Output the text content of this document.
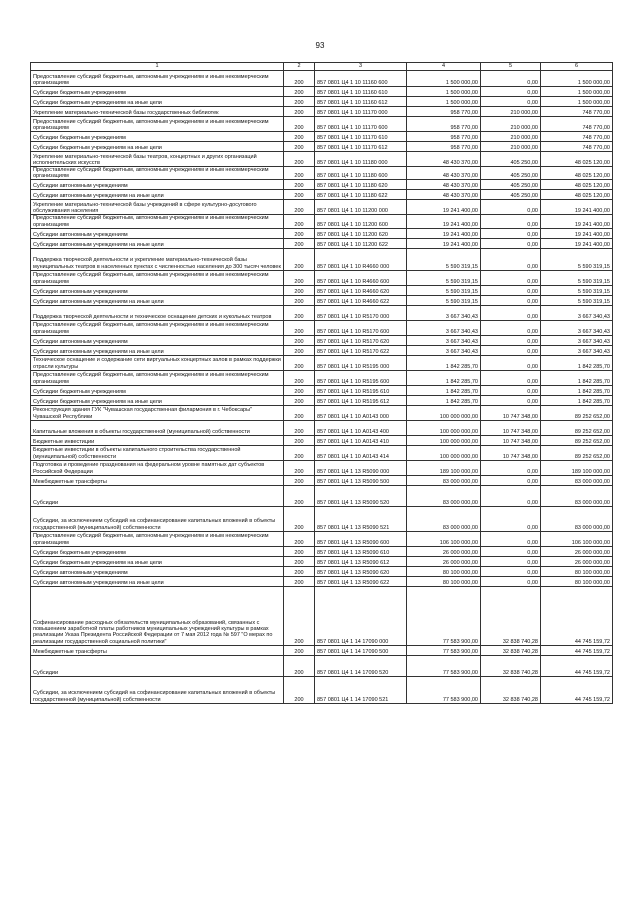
93
1	2	3	4	5	6
Предоставление субсидий бюджетным, автономным учреждениям и иным некоммерческим организациям	200	857 0801 Ц4 1 10 11160 600	1 500 000,00	0,00	1 500 000,00
Субсидии бюджетным учреждениям	200	857 0801 Ц4 1 10 11160 610	1 500 000,00	0,00	1 500 000,00
Субсидии бюджетным учреждениям на иные цели	200	857 0801 Ц4 1 10 11160 612	1 500 000,00	0,00	1 500 000,00
Укрепление материально-технической базы государственных библиотек	200	857 0801 Ц4 1 10 11170 000	958 770,00	210 000,00	748 770,00
Предоставление субсидий бюджетным, автономным учреждениям и иным некоммерческим организациям	200	857 0801 Ц4 1 10 11170 600	958 770,00	210 000,00	748 770,00
Субсидии бюджетным учреждениям	200	857 0801 Ц4 1 10 11170 610	958 770,00	210 000,00	748 770,00
Субсидии бюджетным учреждениям на иные цели	200	857 0801 Ц4 1 10 11170 612	958 770,00	210 000,00	748 770,00
Укрепление материально-технической базы театров, концертных и других организаций исполнительских искусств	200	857 0801 Ц4 1 10 11180 000	48 430 370,00	405 250,00	48 025 120,00
Предоставление субсидий бюджетным, автономным учреждениям и иным некоммерческим организациям	200	857 0801 Ц4 1 10 11180 600	48 430 370,00	405 250,00	48 025 120,00
Субсидии автономным учреждениям	200	857 0801 Ц4 1 10 11180 620	48 430 370,00	405 250,00	48 025 120,00
Субсидии автономным учреждениям на иные цели	200	857 0801 Ц4 1 10 11180 622	48 430 370,00	405 250,00	48 025 120,00
Укрепление материально-технической базы учреждений в сфере культурно-досугового обслуживания населения	200	857 0801 Ц4 1 10 11200 000	19 241 400,00	0,00	19 241 400,00
Предоставление субсидий бюджетным, автономным учреждениям и иным некоммерческим организациям	200	857 0801 Ц4 1 10 11200 600	19 241 400,00	0,00	19 241 400,00
Субсидии автономным учреждениям	200	857 0801 Ц4 1 10 11200 620	19 241 400,00	0,00	19 241 400,00
Субсидии автономным учреждениям на иные цели	200	857 0801 Ц4 1 10 11200 622	19 241 400,00	0,00	19 241 400,00
Поддержка творческой деятельности и укрепление материально-технической базы муниципальных театров в населенных пунктах с численностью населения до 300 тысяч человек	200	857 0801 Ц4 1 10 R4660 000	5 590 319,15	0,00	5 590 319,15
Предоставление субсидий бюджетным, автономным учреждениям и иным некоммерческим организациям	200	857 0801 Ц4 1 10 R4660 600	5 590 319,15	0,00	5 590 319,15
Субсидии автономным учреждениям	200	857 0801 Ц4 1 10 R4660 620	5 590 319,15	0,00	5 590 319,15
Субсидии автономным учреждениям на иные цели	200	857 0801 Ц4 1 10 R4660 622	5 590 319,15	0,00	5 590 319,15
Поддержка творческой деятельности и техническое оснащение детских и кукольных театров	200	857 0801 Ц4 1 10 R5170 000	3 667 340,43	0,00	3 667 340,43
Предоставление субсидий бюджетным, автономным учреждениям и иным некоммерческим организациям	200	857 0801 Ц4 1 10 R5170 600	3 667 340,43	0,00	3 667 340,43
Субсидии автономным учреждениям	200	857 0801 Ц4 1 10 R5170 620	3 667 340,43	0,00	3 667 340,43
Субсидии автономным учреждениям на иные цели	200	857 0801 Ц4 1 10 R5170 622	3 667 340,43	0,00	3 667 340,43
Техническое оснащение и содержание сети виртуальных концертных залов в рамках поддержки отрасли культуры	200	857 0801 Ц4 1 10 R5195 000	1 842 285,70	0,00	1 842 285,70
Предоставление субсидий бюджетным, автономным учреждениям и иным некоммерческим организациям	200	857 0801 Ц4 1 10 R5195 600	1 842 285,70	0,00	1 842 285,70
Субсидии бюджетным учреждениям	200	857 0801 Ц4 1 10 R5195 610	1 842 285,70	0,00	1 842 285,70
Субсидии бюджетным учреждениям на иные цели	200	857 0801 Ц4 1 10 R5195 612	1 842 285,70	0,00	1 842 285,70
Реконструкция здания ГУК "Чувашская государственная филармония в г. Чебоксары" Чувашской Республики	200	857 0801 Ц4 1 10 A0143 000	100 000 000,00	10 747 348,00	89 252 652,00
Капитальные вложения в объекты государственной (муниципальной) собственности	200	857 0801 Ц4 1 10 A0143 400	100 000 000,00	10 747 348,00	89 252 652,00
Бюджетные инвестиции	200	857 0801 Ц4 1 10 A0143 410	100 000 000,00	10 747 348,00	89 252 652,00
Бюджетные инвестиции в объекты капитального строительства государственной (муниципальной) собственности	200	857 0801 Ц4 1 10 A0143 414	100 000 000,00	10 747 348,00	89 252 652,00
Подготовка и проведение празднования на федеральном уровне памятных дат субъектов Российской Федерации	200	857 0801 Ц4 1 13 R5090 000	189 100 000,00	0,00	189 100 000,00
Межбюджетные трансферты	200	857 0801 Ц4 1 13 R5090 500	83 000 000,00	0,00	83 000 000,00
Субсидии	200	857 0801 Ц4 1 13 R5090 520	83 000 000,00	0,00	83 000 000,00
Субсидии, за исключением субсидий на софинансирование капитальных вложений в объекты государственной (муниципальной) собственности	200	857 0801 Ц4 1 13 R5090 521	83 000 000,00	0,00	83 000 000,00
Предоставление субсидий бюджетным, автономным учреждениям и иным некоммерческим организациям	200	857 0801 Ц4 1 13 R5090 600	106 100 000,00	0,00	106 100 000,00
Субсидии бюджетным учреждениям	200	857 0801 Ц4 1 13 R5090 610	26 000 000,00	0,00	26 000 000,00
Субсидии бюджетным учреждениям на иные цели	200	857 0801 Ц4 1 13 R5090 612	26 000 000,00	0,00	26 000 000,00
Субсидии автономным учреждениям	200	857 0801 Ц4 1 13 R5090 620	80 100 000,00	0,00	80 100 000,00
Субсидии автономным учреждениям на иные цели	200	857 0801 Ц4 1 13 R5090 622	80 100 000,00	0,00	80 100 000,00
Софинансирование расходных обязательств муниципальных образований, связанных с повышением заработной платы работников муниципальных учреждений культуры в рамках реализации Указа Президента Российской Федерации от 7 мая 2012 года № 597 "О мерах по реализации государственной социальной политики"	200	857 0801 Ц4 1 14 17090 000	77 583 900,00	32 838 740,28	44 745 159,72
Межбюджетные трансферты	200	857 0801 Ц4 1 14 17090 500	77 583 900,00	32 838 740,28	44 745 159,72
Субсидии	200	857 0801 Ц4 1 14 17090 520	77 583 900,00	32 838 740,28	44 745 159,72
Субсидии, за исключением субсидий на софинансирование капитальных вложений в объекты государственной (муниципальной) собственности	200	857 0801 Ц4 1 14 17090 521	77 583 900,00	32 838 740,28	44 745 159,72
